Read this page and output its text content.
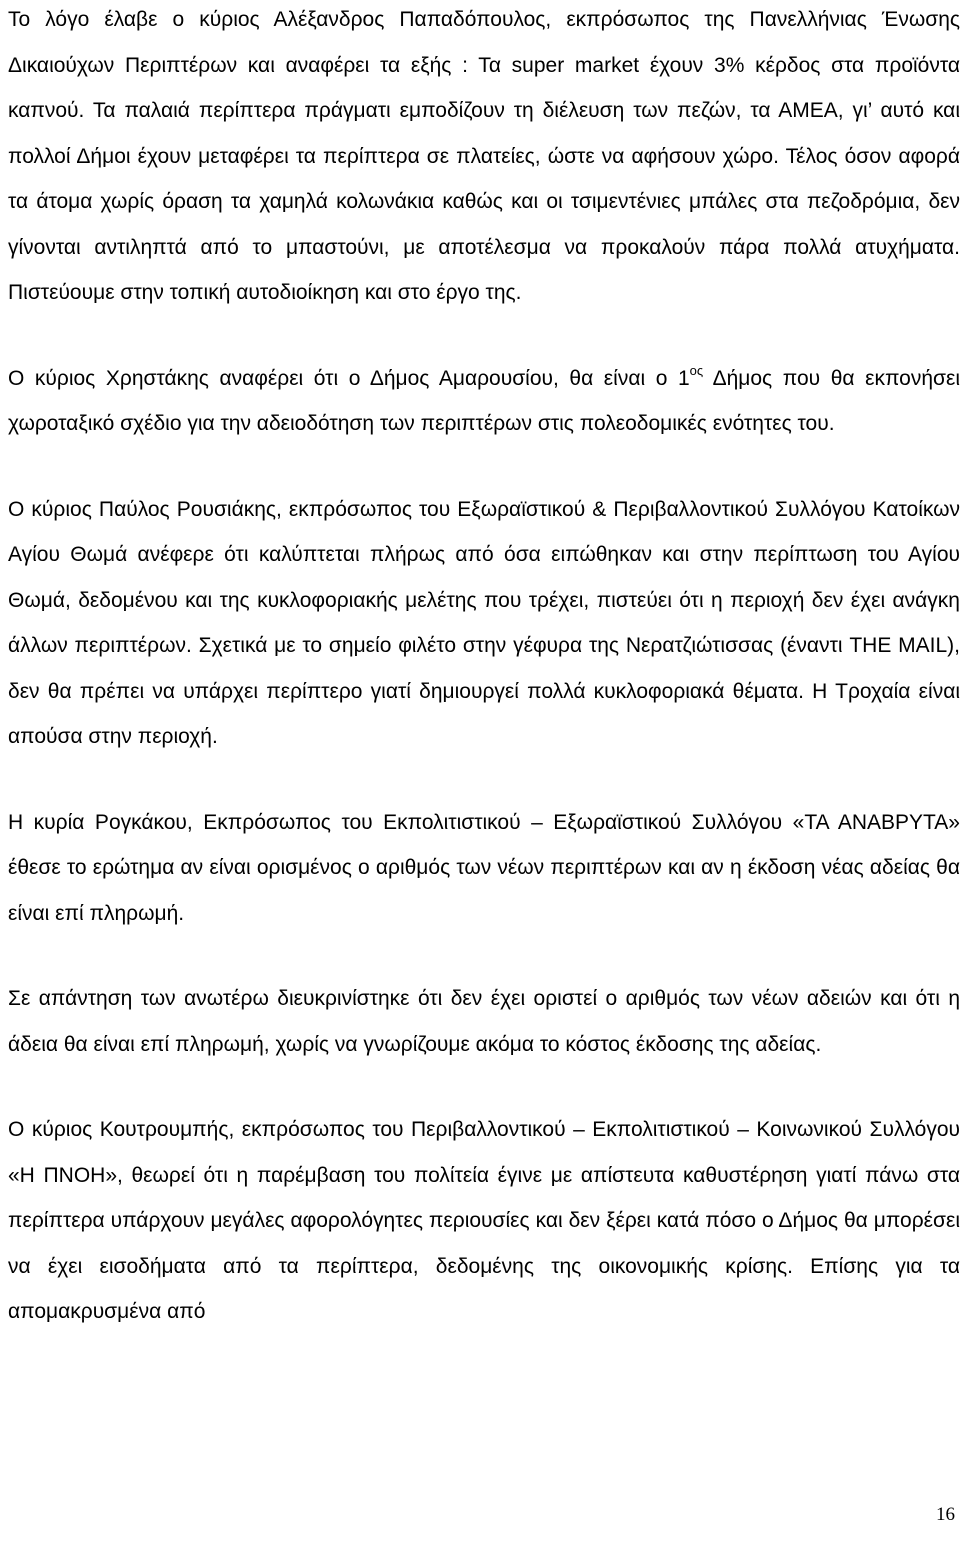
Το λόγο έλαβε ο κύριος Αλέξανδρος Παπαδόπουλος, εκπρόσωπος της Πανελλήνιας Ένωσης Δικαιούχων Περιπτέρων και αναφέρει τα εξής : Τα super market έχουν 3% κέρδος στα προϊόντα καπνού. Τα παλαιά περίπτερα πράγματι εμποδίζουν τη διέλευση των πεζών, τα ΑΜΕΑ, γι’ αυτό και πολλοί Δήμοι έχουν μεταφέρει τα περίπτερα σε πλατείες, ώστε να αφήσουν χώρο. Τέλος όσον αφορά τα άτομα χωρίς όραση τα χαμηλά κολωνάκια καθώς και οι τσιμεντένιες μπάλες στα πεζοδρόμια, δεν γίνονται αντιληπτά από το μπαστούνι, με αποτέλεσμα να προκαλούν πάρα πολλά ατυχήματα. Πιστεύουμε στην τοπική αυτοδιοίκηση και στο έργο της.

Ο κύριος Χρηστάκης αναφέρει ότι ο Δήμος Αμαρουσίου, θα είναι ο $1^{o\varsigma}$ Δήμος που θα εκπονήσει χωροταξικό σχέδιο για την αδειοδότηση των περιπτέρων στις πολεοδομικές ενότητες του.

Ο κύριος Παύλος Ρουσιάκης, εκπρόσωπος του Εξωραϊστικού & Περιβαλλοντικού Συλλόγου Κατοίκων Αγίου Θωμά ανέφερε ότι καλύπτεται πλήρως από όσα ειπώθηκαν και στην περίπτωση του Αγίου Θωμά, δεδομένου και της κυκλοφοριακής μελέτης που τρέχει, πιστεύει ότι η περιοχή δεν έχει ανάγκη άλλων περιπτέρων. Σχετικά με το σημείο φιλέτο στην γέφυρα της Νερατζιώτισσας (έναντι THE MAIL), δεν θα πρέπει να υπάρχει περίπτερο γιατί δημιουργεί πολλά κυκλοφοριακά θέματα. Η Τροχαία είναι απούσα στην περιοχή.

Η κυρία Ρογκάκου, Εκπρόσωπος του Εκπολιτιστικού – Εξωραϊστικού Συλλόγου «ΤΑ ΑΝΑΒΡΥΤΑ» έθεσε το ερώτημα αν είναι ορισμένος ο αριθμός των νέων περιπτέρων και αν η έκδοση νέας αδείας θα είναι επί πληρωμή.

Σε απάντηση των ανωτέρω διευκρινίστηκε ότι δεν έχει οριστεί ο αριθμός των νέων αδειών και ότι η άδεια θα είναι επί πληρωμή, χωρίς να γνωρίζουμε ακόμα το κόστος έκδοσης της αδείας.

Ο κύριος Κουτρουμπής, εκπρόσωπος του Περιβαλλοντικού – Εκπολιτιστικού – Κοινωνικού Συλλόγου «Η ΠΝΟΗ», θεωρεί ότι η παρέμβαση του πολίτεία έγινε με απίστευτα καθυστέρηση γιατί πάνω στα περίπτερα υπάρχουν μεγάλες αφορολόγητες περιουσίες και δεν ξέρει κατά πόσο ο Δήμος θα μπορέσει να έχει εισοδήματα από τα περίπτερα, δεδομένης της οικονομικής κρίσης. Επίσης για τα απομακρυσμένα από

16
